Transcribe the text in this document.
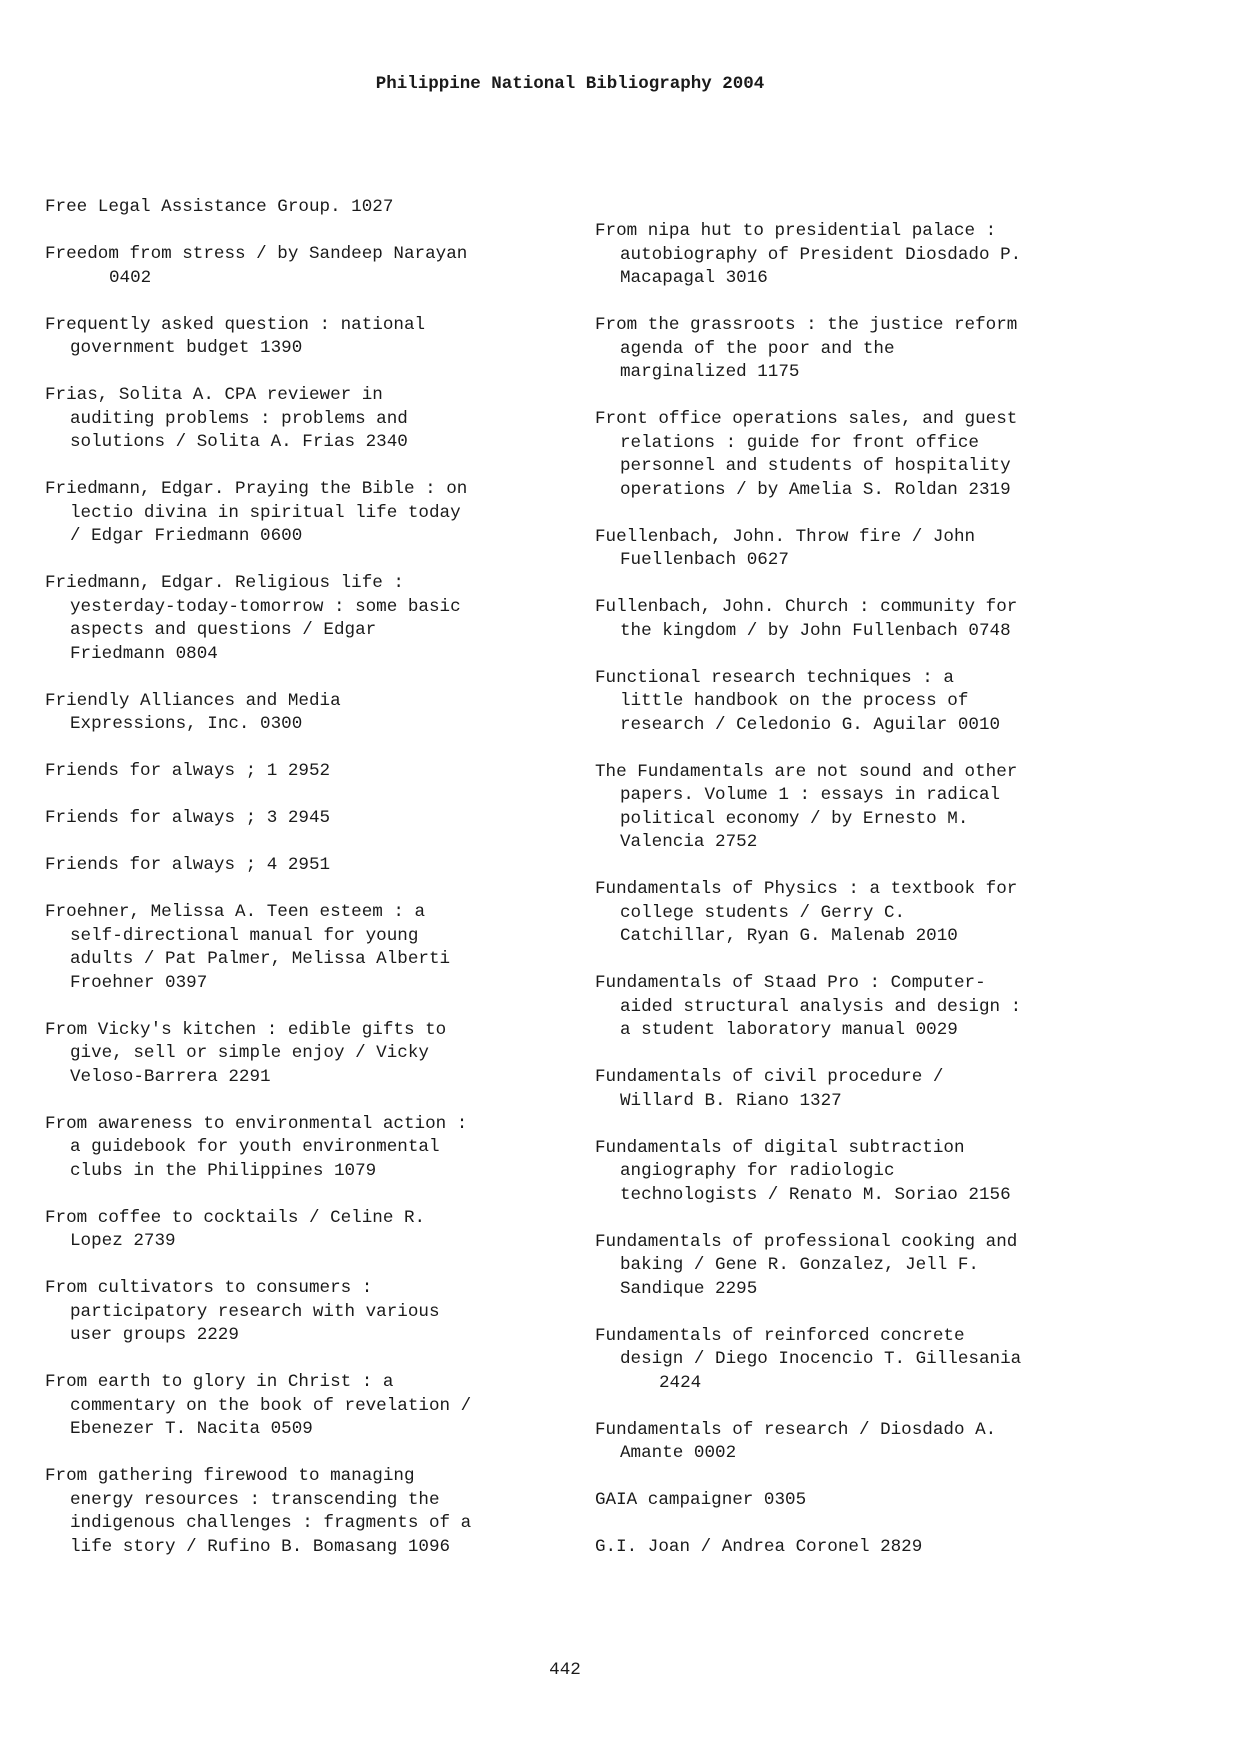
Philippine National Bibliography 2004
Free Legal Assistance Group. 1027
Freedom from stress / by Sandeep Narayan
0402
Frequently asked question : national
government budget 1390
Frias, Solita A. CPA reviewer in
auditing problems : problems and
solutions / Solita A. Frias 2340
Friedmann, Edgar. Praying the Bible : on
lectio divina in spiritual life today
/ Edgar Friedmann 0600
Friedmann, Edgar. Religious life :
yesterday-today-tomorrow : some basic
aspects and questions / Edgar
Friedmann 0804
Friendly Alliances and Media
Expressions, Inc. 0300
Friends for always ; 1 2952
Friends for always ; 3 2945
Friends for always ; 4 2951
Froehner, Melissa A. Teen esteem : a
self-directional manual for young
adults / Pat Palmer, Melissa Alberti
Froehner 0397
From Vicky's kitchen : edible gifts to
give, sell or simple enjoy / Vicky
Veloso-Barrera 2291
From awareness to environmental action :
a guidebook for youth environmental
clubs in the Philippines 1079
From coffee to cocktails / Celine R.
Lopez 2739
From cultivators to consumers :
participatory research with various
user groups 2229
From earth to glory in Christ : a
commentary on the book of revelation /
Ebenezer T. Nacita 0509
From gathering firewood to managing
energy resources : transcending the
indigenous challenges : fragments of a
life story / Rufino B. Bomasang 1096
From nipa hut to presidential palace :
autobiography of President Diosdado P.
Macapagal 3016
From the grassroots : the justice reform
agenda of the poor and the
marginalized 1175
Front office operations sales, and guest
relations : guide for front office
personnel and students of hospitality
operations / by Amelia S. Roldan 2319
Fuellenbach, John. Throw fire / John
Fuellenbach 0627
Fullenbach, John. Church : community for
the kingdom / by John Fullenbach 0748
Functional research techniques : a
little handbook on the process of
research / Celedonio G. Aguilar 0010
The Fundamentals are not sound and other
papers. Volume 1 : essays in radical
political economy / by Ernesto M.
Valencia 2752
Fundamentals of Physics : a textbook for
college students / Gerry C.
Catchillar, Ryan G. Malenab 2010
Fundamentals of Staad Pro : Computer-
aided structural analysis and design :
a student laboratory manual 0029
Fundamentals of civil procedure /
Willard B. Riano 1327
Fundamentals of digital subtraction
angiography for radiologic
technologists / Renato M. Soriao 2156
Fundamentals of professional cooking and
baking / Gene R. Gonzalez, Jell F.
Sandique 2295
Fundamentals of reinforced concrete
design / Diego Inocencio T. Gillesania
2424
Fundamentals of research / Diosdado A.
Amante 0002
GAIA campaigner 0305
G.I. Joan / Andrea Coronel 2829
442
